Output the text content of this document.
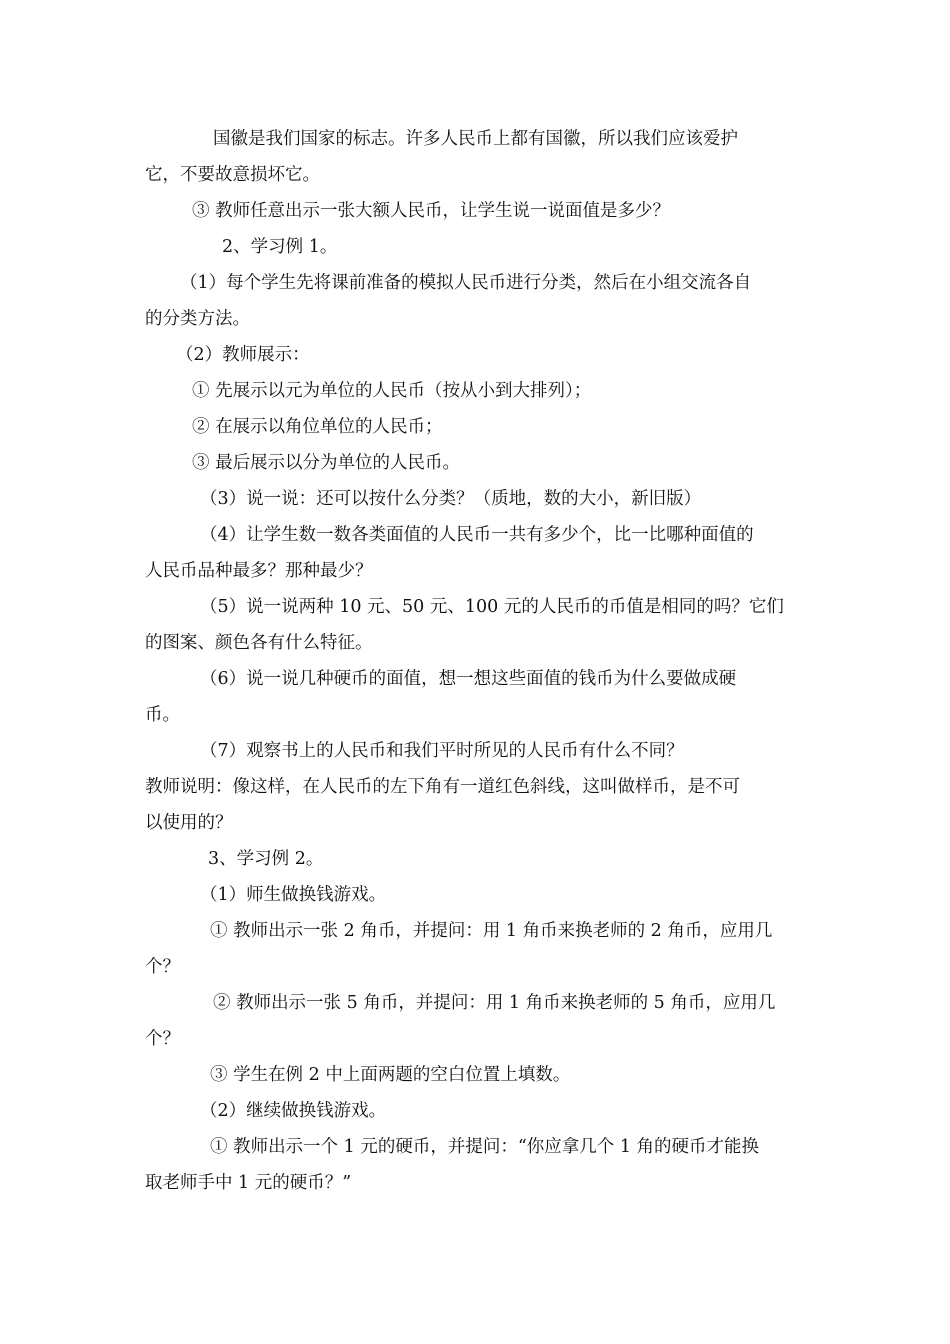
国徽是我们国家的标志。许多人民币上都有国徽，所以我们应该爱护
它，不要故意损坏它。
③ 教师任意出示一张大额人民币，让学生说一说面值是多少？
2、学习例 1。
（1）每个学生先将课前准备的模拟人民币进行分类，然后在小组交流各自
的分类方法。
（2）教师展示：
① 先展示以元为单位的人民币（按从小到大排列）；
② 在展示以角位单位的人民币；
③ 最后展示以分为单位的人民币。
（3）说一说：还可以按什么分类？（质地，数的大小，新旧版）
（4）让学生数一数各类面值的人民币一共有多少个，比一比哪种面值的
人民币品种最多？那种最少？
（5）说一说两种 10 元、50 元、100 元的人民币的币值是相同的吗？它们
的图案、颜色各有什么特征。
（6）说一说几种硬币的面值，想一想这些面值的钱币为什么要做成硬
币。
（7）观察书上的人民币和我们平时所见的人民币有什么不同？
教师说明：像这样，在人民币的左下角有一道红色斜线，这叫做样币，是不可
以使用的？
3、学习例 2。
（1）师生做换钱游戏。
① 教师出示一张 2 角币，并提问：用 1 角币来换老师的 2 角币，应用几
个？
② 教师出示一张 5 角币，并提问：用 1 角币来换老师的 5 角币，应用几
个？
③ 学生在例 2 中上面两题的空白位置上填数。
（2）继续做换钱游戏。
① 教师出示一个 1 元的硬币，并提问：“你应拿几个 1 角的硬币才能换
取老师手中 1 元的硬币？”
